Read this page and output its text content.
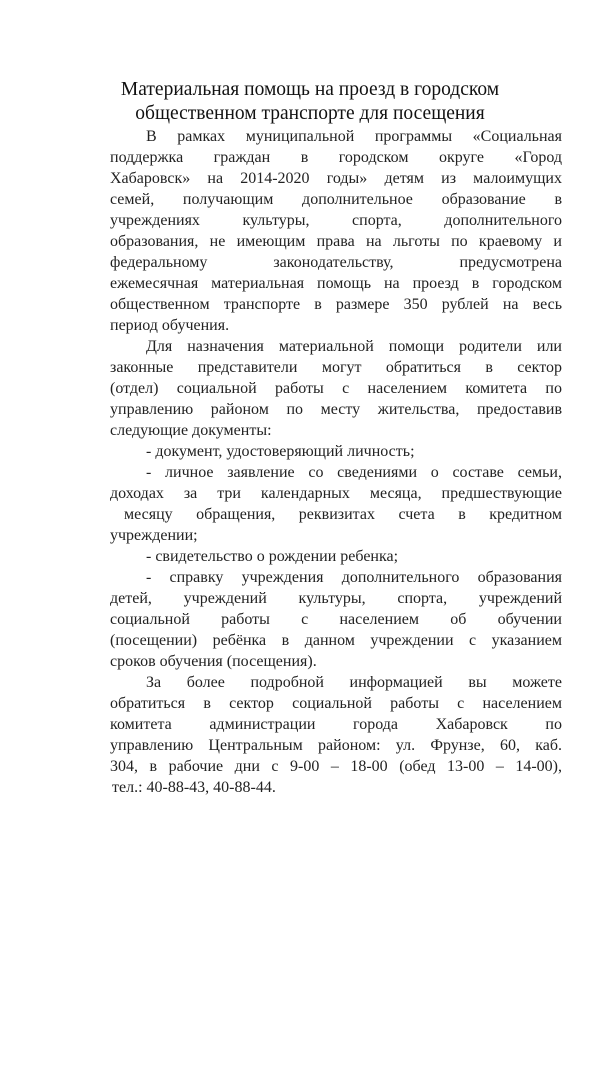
Материальная помощь на проезд в городском
общественном транспорте для посещения
В рамках муниципальной программы «Социальная
поддержка граждан в городском округе «Город
Хабаровск» на 2014-2020 годы» детям из малоимущих
семей, получающим дополнительное образование в
учреждениях культуры, спорта, дополнительного
образования, не имеющим права на льготы по краевому и
федеральному законодательству, предусмотрена
ежемесячная материальная помощь на проезд в городском
общественном транспорте в размере 350 рублей на весь
период обучения.
Для назначения материальной помощи родители или
законные представители могут обратиться в сектор
(отдел) социальной работы с населением комитета по
управлению районом по месту жительства, предоставив
следующие документы:
- документ, удостоверяющий личность;
- личное заявление со сведениями о составе семьи,
доходах за три календарных месяца, предшествующие
месяцу обращения, реквизитах счета в кредитном
учреждении;
- свидетельство о рождении ребенка;
- справку учреждения дополнительного образования
детей, учреждений культуры, спорта, учреждений
социальной работы с населением об обучении
(посещении) ребёнка в данном учреждении с указанием
сроков обучения (посещения).
За более подробной информацией вы можете
обратиться в сектор социальной работы с населением
комитета администрации города Хабаровск по
управлению Центральным районом: ул. Фрунзе, 60, каб.
304, в рабочие дни с 9-00 – 18-00 (обед 13-00 – 14-00),
тел.: 40-88-43, 40-88-44.
